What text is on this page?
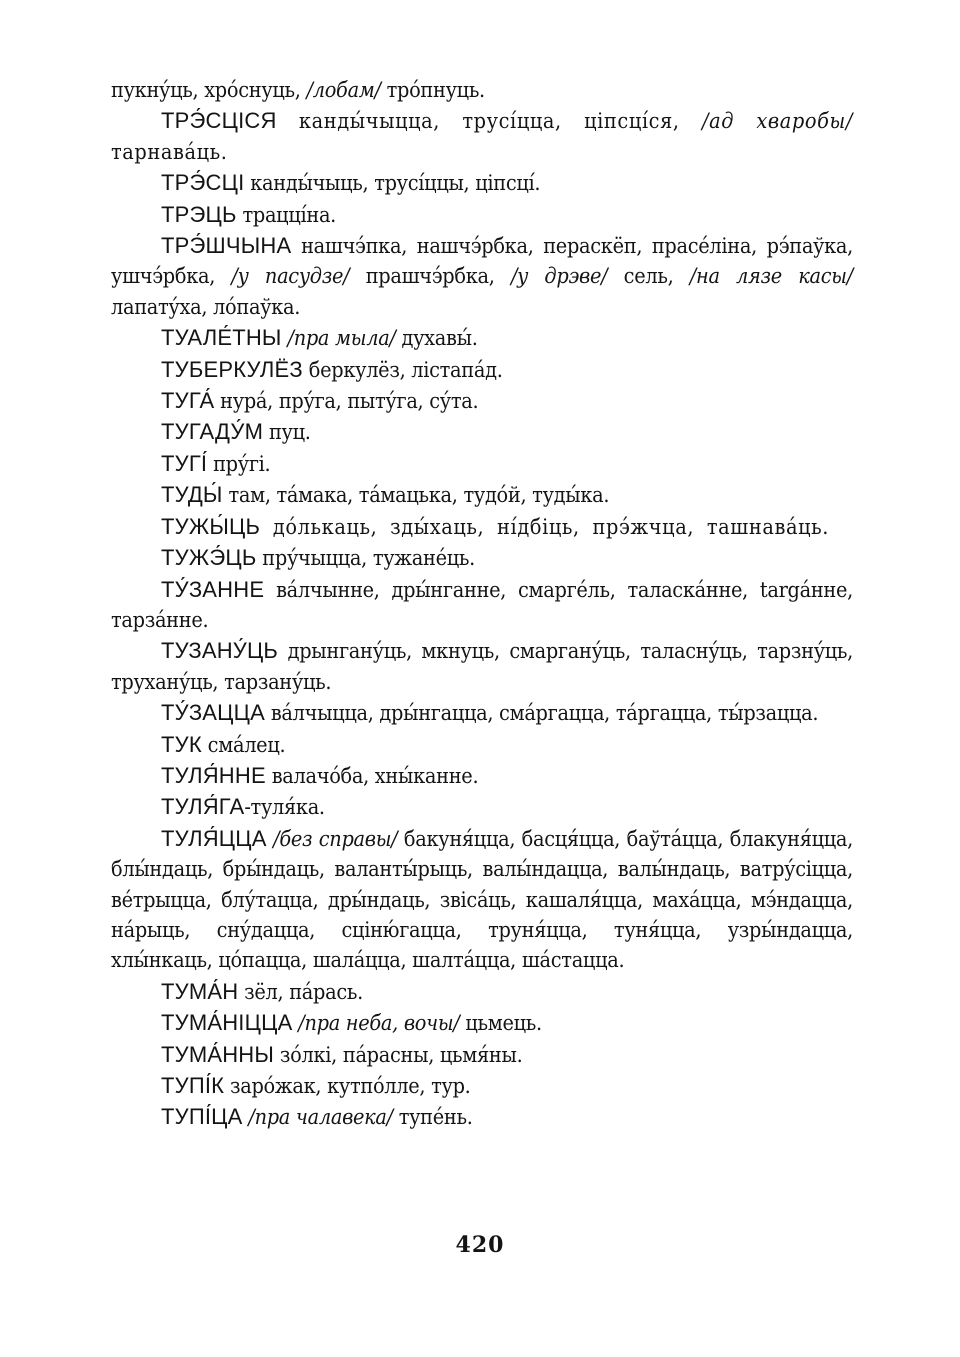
пукну́ць, хро́снуць, /лобам/ тро́пнуць.

ТРЭ́СЦІСЯ канды́чыцца, трусі́цца, ціпсці́ся, /ад хваробы/ тарнава́ць.

ТРЭ́СЦІ канды́чыць, трусі́ццы, ціпсці́.

ТРЭЦЬ трацці́на.

ТРЭ́ШЧЫНА нашчэ́пка, нашчэ́рбка, пераскёп, прасе́ліна, рэ́паўка, ушчэ́рбка, /у пасудзе/ прашчэ́рбка, /у дрэве/ сель, /на лязе касы/ лапату́ха, ло́паўка.

ТУАЛЕ́ТНЫ /пра мыла/ духавы́.

ТУБЕРКУЛЁЗ беркулёз, лістапа́д.

ТУГА́ нура́, пру́га, пыту́га, су́та.

ТУГАДУ́М пуц.

ТУГІ́ пру́гі.

ТУДЫ́ там, та́мака, та́мацька, тудо́й, туды́ка.

ТУЖЫ́ЦЬ до́лькаць, зды́хаць, ні́дбіць, прэ́жчца, ташнава́ць.

ТУЖЭ́ЦЬ пру́чыцца, тужане́ць.

ТУ́ЗАННЕ ва́лчынне, дры́нганне, смарге́ль, таласка́нне, targа́нне, тарза́нне.

ТУЗАНУ́ЦЬ дрынгану́ць, мкнуць, смаргану́ць, таласну́ць, тарзну́ць, трухану́ць, тарзану́ць.

ТУ́ЗАЦЦА ва́лчыцца, дры́нгацца, сма́ргацца, та́ргацца, ты́рзацца.

ТУК сма́лец.

ТУЛЯ́ННЕ валачо́ба, хны́канне.

ТУЛЯ́ГА-туля́ка.

ТУЛЯ́ЦЦА /без справы/ бакуня́цца, басця́цца, баўта́цца, блакуня́цца, блы́ндаць, бры́ндаць, валанты́рыць, валы́ндацца, валы́ндаць, ватру́сіцца, ве́трыцца, блу́тацца, дры́ндаць, звіса́ць, кашаля́цца, маха́цца, мэ́ндацца, на́рыць, сну́дацца, сціню́гацца, труня́цца, туня́цца, узры́ндацца, хлы́нкаць, цо́пацца, шала́цца, шалта́цца, ша́стацца.

ТУМА́Н зёл, па́рась.

ТУМА́НІЦЦА /пра неба, вочы/ цьмець.

ТУМА́ННЫ зо́лкі, па́расны, цьмя́ны.

ТУПІ́К заро́жак, кутпо́лле, тур.

ТУПІ́ЦА /пра чалавека/ тупе́нь.

420
